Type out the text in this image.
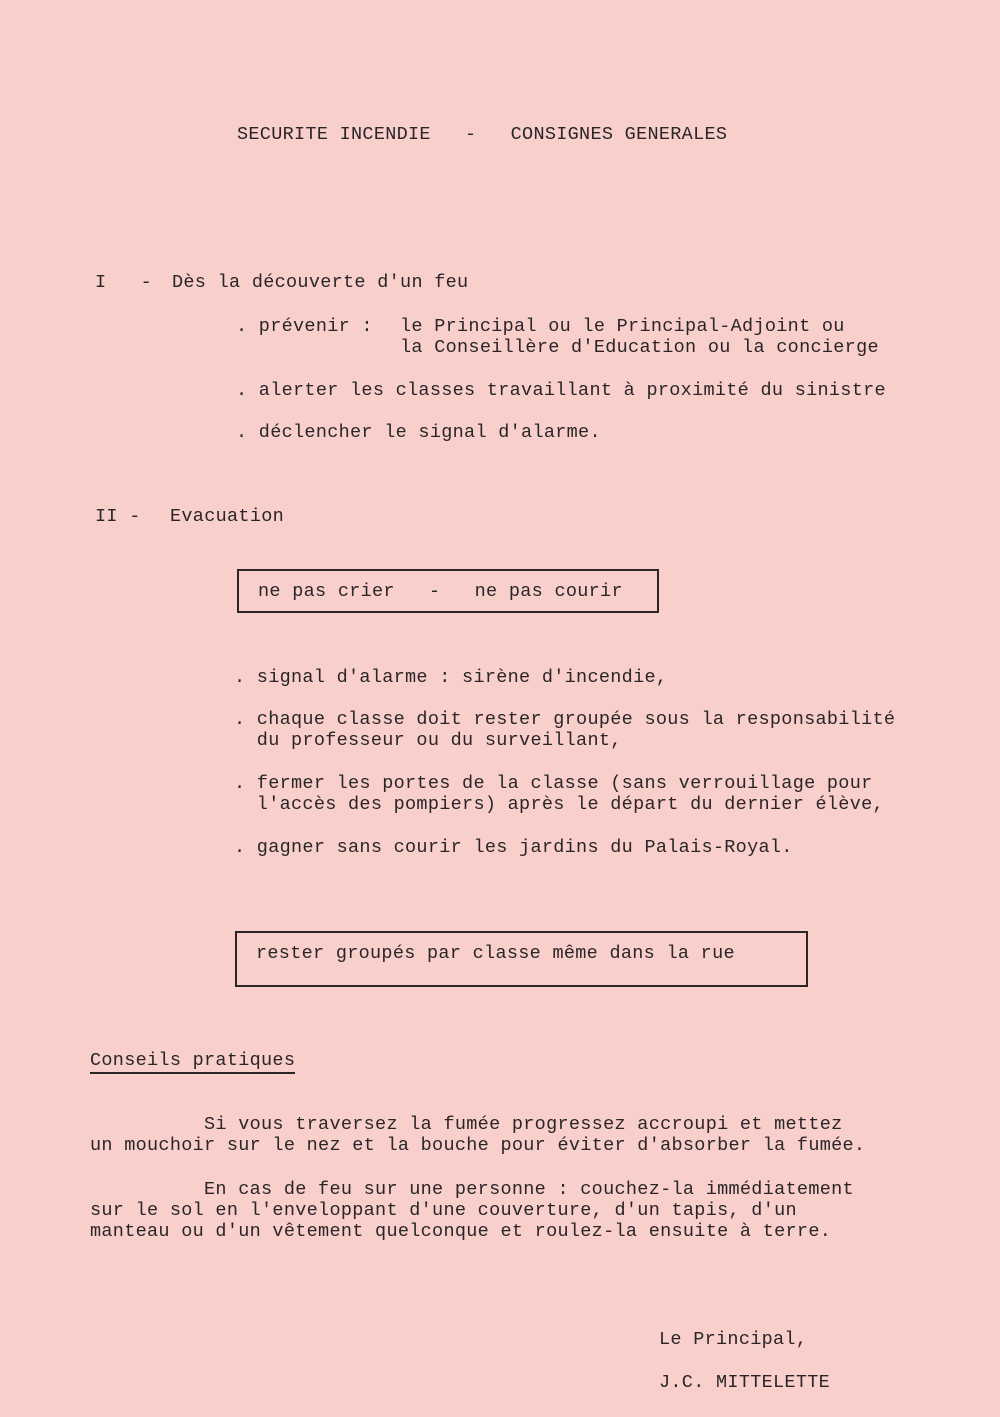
SECURITE INCENDIE   -   CONSIGNES GENERALES
I   - Dès la découverte d'un feu
. prévenir : le Principal ou le Principal-Adjoint ou
la Conseillère d'Education ou la concierge
. alerter les classes travaillant à proximité du sinistre
. déclencher le signal d'alarme.
II - Evacuation
ne pas crier   -   ne pas courir
. signal d'alarme : sirène d'incendie,
. chaque classe doit rester groupée sous la responsabilité
du professeur ou du surveillant,
. fermer les portes de la classe (sans verrouillage pour
l'accès des pompiers) après le départ du dernier élève,
. gagner sans courir les jardins du Palais-Royal.
rester groupés par classe même dans la rue
Conseils pratiques
Si vous traversez la fumée progressez accroupi et mettez
un mouchoir sur le nez et la bouche pour éviter d'absorber la fumée.
En cas de feu sur une personne : couchez-la immédiatement
sur le sol en l'enveloppant d'une couverture, d'un tapis, d'un
manteau ou d'un vêtement quelconque et roulez-la ensuite à terre.
Le Principal,
J.C. MITTELETTE
